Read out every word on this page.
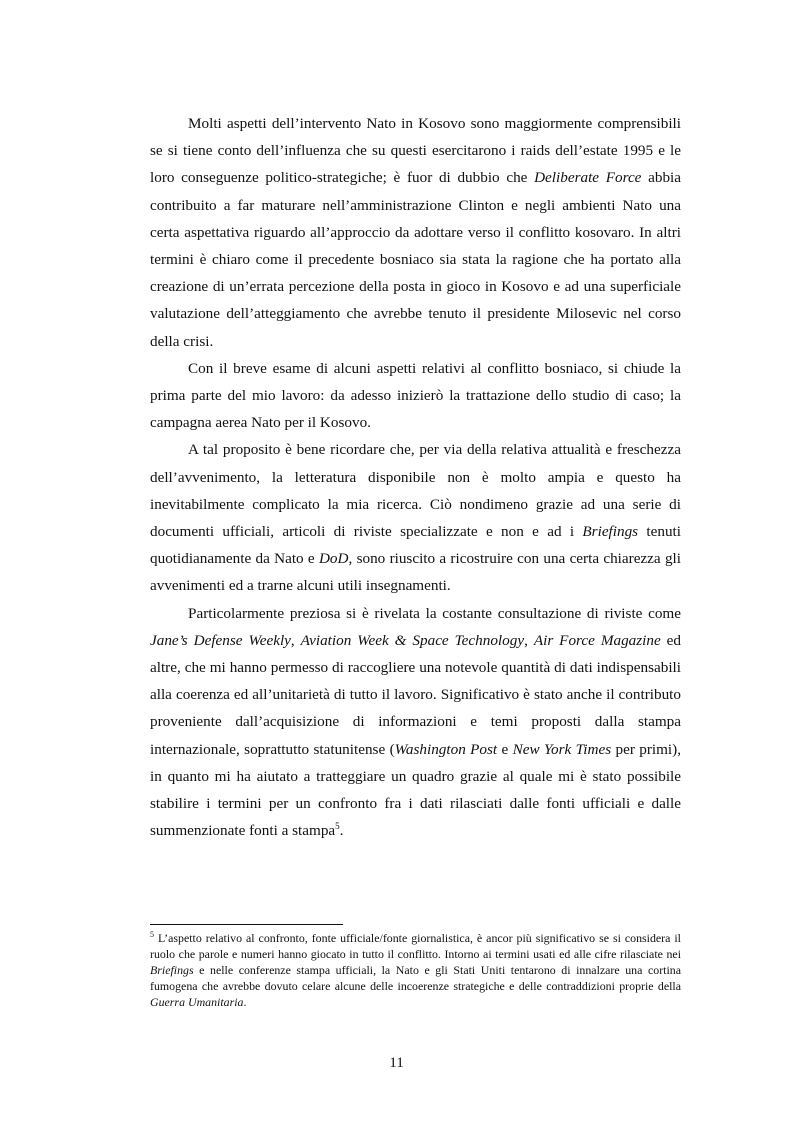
Molti aspetti dell’intervento Nato in Kosovo sono maggiormente comprensibili se si tiene conto dell’influenza che su questi esercitarono i raids dell’estate 1995 e le loro conseguenze politico-strategiche; è fuor di dubbio che Deliberate Force abbia contribuito a far maturare nell’amministrazione Clinton e negli ambienti Nato una certa aspettativa riguardo all’approccio da adottare verso il conflitto kosovaro. In altri termini è chiaro come il precedente bosniaco sia stata la ragione che ha portato alla creazione di un’errata percezione della posta in gioco in Kosovo e ad una superficiale valutazione dell’atteggiamento che avrebbe tenuto il presidente Milosevic nel corso della crisi.

Con il breve esame di alcuni aspetti relativi al conflitto bosniaco, si chiude la prima parte del mio lavoro: da adesso inizierò la trattazione dello studio di caso; la campagna aerea Nato per il Kosovo.

A tal proposito è bene ricordare che, per via della relativa attualità e freschezza dell’avvenimento, la letteratura disponibile non è molto ampia e questo ha inevitabilmente complicato la mia ricerca. Ciò nondimeno grazie ad una serie di documenti ufficiali, articoli di riviste specializzate e non e ad i Briefings tenuti quotidianamente da Nato e DoD, sono riuscito a ricostruire con una certa chiarezza gli avvenimenti ed a trarne alcuni utili insegnamenti.

Particolarmente preziosa si è rivelata la costante consultazione di riviste come Jane’s Defense Weekly, Aviation Week & Space Technology, Air Force Magazine ed altre, che mi hanno permesso di raccogliere una notevole quantità di dati indispensabili alla coerenza ed all’unitarietà di tutto il lavoro. Significativo è stato anche il contributo proveniente dall’acquisizione di informazioni e temi proposti dalla stampa internazionale, soprattutto statunitense (Washington Post e New York Times per primi), in quanto mi ha aiutato a tratteggiare un quadro grazie al quale mi è stato possibile stabilire i termini per un confronto fra i dati rilasciati dalle fonti ufficiali e dalle summenzionate fonti a stampa$^5$.

$^5$ L’aspetto relativo al confronto, fonte ufficiale/fonte giornalistica, è ancor più significativo se si considera il ruolo che parole e numeri hanno giocato in tutto il conflitto. Intorno ai termini usati ed alle cifre rilasciate nei Briefings e nelle conferenze stampa ufficiali, la Nato e gli Stati Uniti tentarono di innalzare una cortina fumogena che avrebbe dovuto celare alcune delle incoerenze strategiche e delle contraddizioni proprie della Guerra Umanitaria.

11
